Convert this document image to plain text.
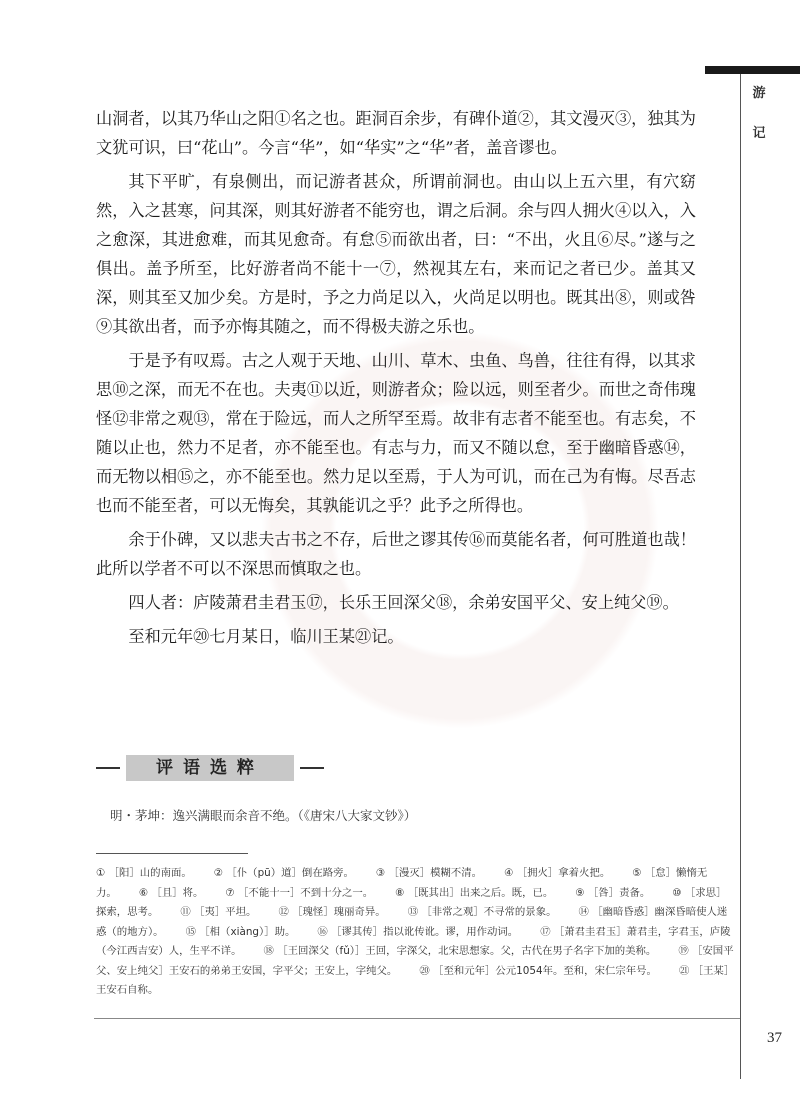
游
记

山洞者，以其乃华山之阳①名之也。距洞百余步，有碑仆道②，其文漫灭③，独其为文犹可识，曰“花山”。今言“华”，如“华实”之“华”者，盖音谬也。

其下平旷，有泉侧出，而记游者甚众，所谓前洞也。由山以上五六里，有穴窈然，入之甚寒，问其深，则其好游者不能穷也，谓之后洞。余与四人拥火④以入，入之愈深，其进愈难，而其见愈奇。有怠⑤而欲出者，曰：“不出，火且⑥尽。”遂与之俱出。盖予所至，比好游者尚不能十一⑦，然视其左右，来而记之者已少。盖其又深，则其至又加少矣。方是时，予之力尚足以入，火尚足以明也。既其出⑧，则或咎⑨其欲出者，而予亦悔其随之，而不得极夫游之乐也。

于是予有叹焉。古之人观于天地、山川、草木、虫鱼、鸟兽，往往有得，以其求思⑩之深，而无不在也。夫夷⑪以近，则游者众；险以远，则至者少。而世之奇伟瑰怪⑫非常之观⑬，常在于险远，而人之所罕至焉。故非有志者不能至也。有志矣，不随以止也，然力不足者，亦不能至也。有志与力，而又不随以怠，至于幽暗昏惑⑭，而无物以相⑮之，亦不能至也。然力足以至焉，于人为可讥，而在己为有悔。尽吾志也而不能至者，可以无悔矣，其孰能讥之乎？此予之所得也。

余于仆碑，又以悲夫古书之不存，后世之谬其传⑯而莫能名者，何可胜道也哉！此所以学者不可以不深思而慎取之也。

四人者：庐陵萧君圭君玉⑰，长乐王回深父⑱，余弟安国平父、安上纯父⑲。

至和元年⑳七月某日，临川王某㉑记。

评语选粹
明・茅坤：逸兴满眼而余音不绝。（《唐宋八大家文钞》）
① ［阳］山的南面。 ② ［仆（pū）道］倒在路旁。 ③ ［漫灭］模糊不清。 ④ ［拥火］拿着火把。 ⑤ ［怠］懒惰无力。 ⑥ ［且］将。 ⑦ ［不能十一］不到十分之一。 ⑧ ［既其出］出来之后。既，已。 ⑨ ［咎］责备。 ⑩ ［求思］探索，思考。 ⑪ ［夷］平坦。 ⑫ ［瑰怪］瑰丽奇异。 ⑬ ［非常之观］不寻常的景象。 ⑭ ［幽暗昏惑］幽深昏暗使人迷惑（的地方）。 ⑮ ［相（xiàng）］助。 ⑯ ［谬其传］指以讹传讹。谬，用作动词。 ⑰ ［萧君圭君玉］萧君圭，字君玉，庐陵（今江西吉安）人，生平不详。 ⑱ ［王回深父（fǔ）］王回，字深父，北宋思想家。父，古代在男子名字下加的美称。 ⑲ ［安国平父、安上纯父］王安石的弟弟王安国，字平父；王安上，字纯父。 ⑳ ［至和元年］公元1054年。至和，宋仁宗年号。 ㉑ ［王某］王安石自称。
37
